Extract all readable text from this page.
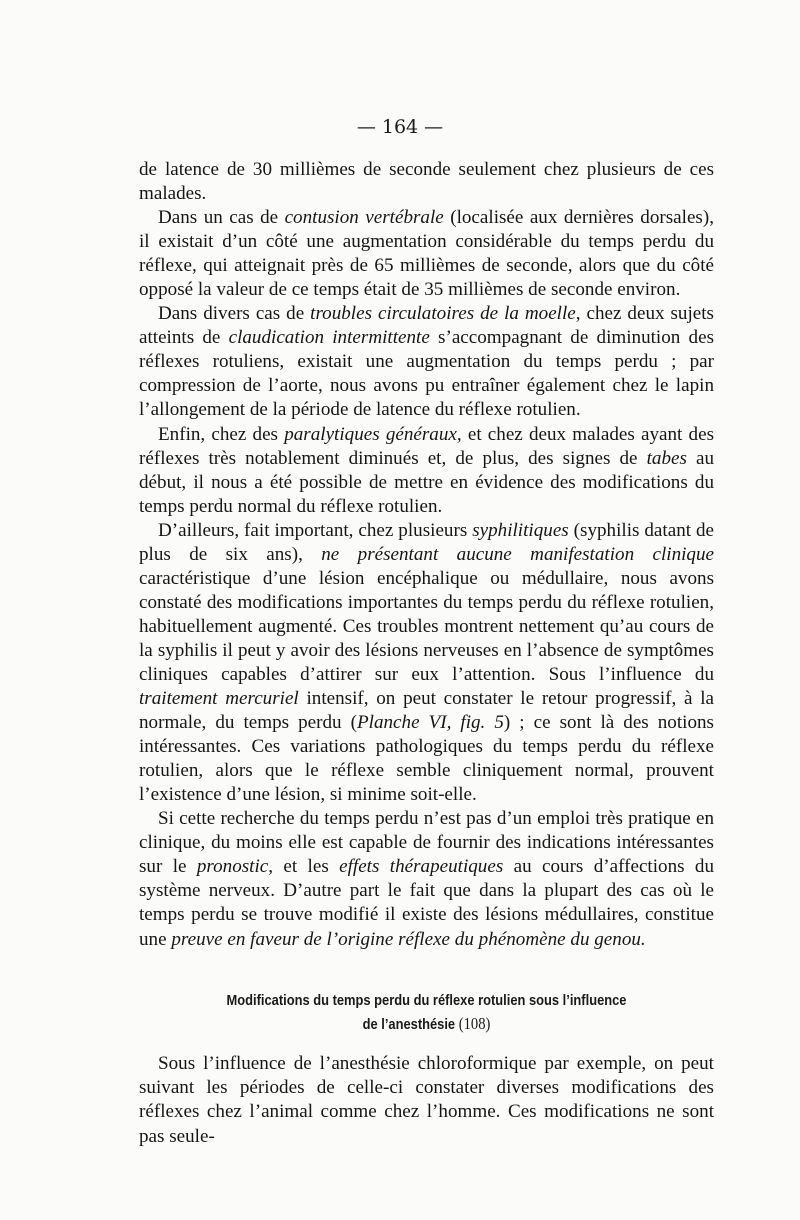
— 164 —

de latence de 30 millièmes de seconde seulement chez plusieurs de ces malades.

Dans un cas de contusion vertébrale (localisée aux dernières dorsales), il existait d’un côté une augmentation considérable du temps perdu du réflexe, qui atteignait près de 65 millièmes de seconde, alors que du côté opposé la valeur de ce temps était de 35 millièmes de seconde environ.

Dans divers cas de troubles circulatoires de la moelle, chez deux sujets atteints de claudication intermittente s’accompagnant de diminution des réflexes rotuliens, existait une augmentation du temps perdu ; par compression de l’aorte, nous avons pu entraîner également chez le lapin l’allongement de la période de latence du réflexe rotulien.

Enfin, chez des paralytiques généraux, et chez deux malades ayant des réflexes très notablement diminués et, de plus, des signes de tabes au début, il nous a été possible de mettre en évidence des modifications du temps perdu normal du réflexe rotulien.

D’ailleurs, fait important, chez plusieurs syphilitiques (syphilis datant de plus de six ans), ne présentant aucune manifestation clinique caractéristique d’une lésion encéphalique ou médullaire, nous avons constaté des modifications importantes du temps perdu du réflexe rotulien, habituellement augmenté. Ces troubles montrent nettement qu’au cours de la syphilis il peut y avoir des lésions nerveuses en l’absence de symptômes cliniques capables d’attirer sur eux l’attention. Sous l’influence du traitement mercuriel intensif, on peut constater le retour progressif, à la normale, du temps perdu (Planche VI, fig. 5) ; ce sont là des notions intéressantes. Ces variations pathologiques du temps perdu du réflexe rotulien, alors que le réflexe semble cliniquement normal, prouvent l’existence d’une lésion, si minime soit-elle.

Si cette recherche du temps perdu n’est pas d’un emploi très pratique en clinique, du moins elle est capable de fournir des indications intéressantes sur le pronostic, et les effets thérapeutiques au cours d’affections du système nerveux. D’autre part le fait que dans la plupart des cas où le temps perdu se trouve modifié il existe des lésions médullaires, constitue une preuve en faveur de l’origine réflexe du phénomène du genou.

Modifications du temps perdu du réflexe rotulien sous l’influence
de l’anesthésie (108)

Sous l’influence de l’anesthésie chloroformique par exemple, on peut suivant les périodes de celle-ci constater diverses modifications des réflexes chez l’animal comme chez l’homme. Ces modifications ne sont pas seule-
